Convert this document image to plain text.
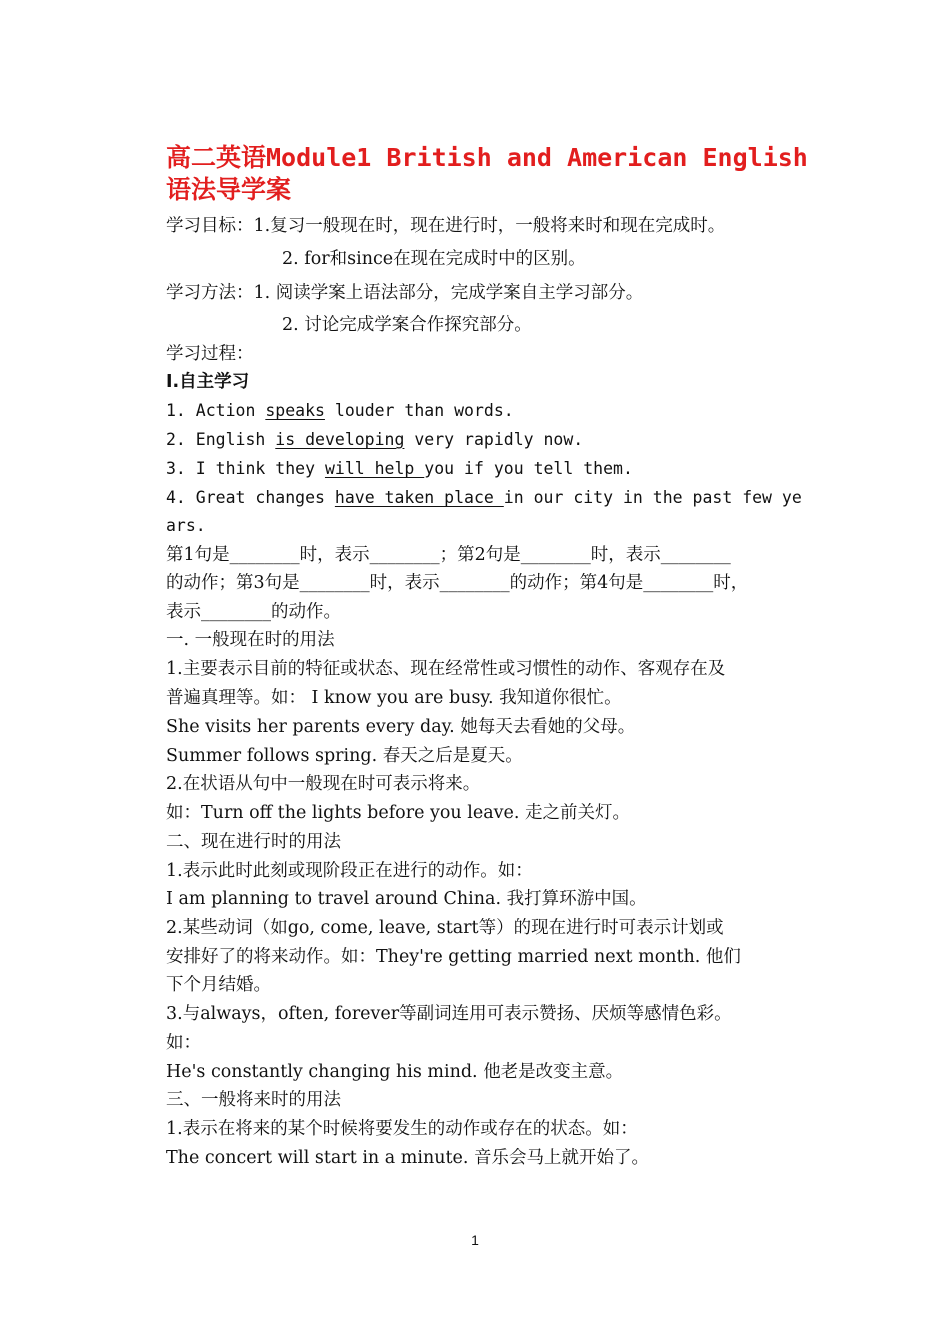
高二英语Module1 British and American English
语法导学案
学习目标：1.复习一般现在时，现在进行时，一般将来时和现在完成时。
2. for和since在现在完成时中的区别。
学习方法：1. 阅读学案上语法部分，完成学案自主学习部分。
2. 讨论完成学案合作探究部分。
学习过程：
Ⅰ.自主学习
1. Action speaks louder than words.
2. English is developing very rapidly now.
3. I think they will help you if you tell them.
4. Great changes have taken place in our city in the past few ye
ars.
第1句是________时，表示________；第2句是________时，表示________
的动作；第3句是________时，表示________的动作；第4句是________时，
表示________的动作。
一. 一般现在时的用法
1.主要表示目前的特征或状态、现在经常性或习惯性的动作、客观存在及
普遍真理等。如： I know you are busy. 我知道你很忙。
She visits her parents every day. 她每天去看她的父母。
Summer follows spring. 春天之后是夏天。
2.在状语从句中一般现在时可表示将来。
如：Turn off the lights before you leave. 走之前关灯。
二、现在进行时的用法
1.表示此时此刻或现阶段正在进行的动作。如：
I am planning to travel around China. 我打算环游中国。
2.某些动词（如go, come, leave, start等）的现在进行时可表示计划或
安排好了的将来动作。如：They're getting married next month. 他们
下个月结婚。
3.与always，often, forever等副词连用可表示赞扬、厌烦等感情色彩。
如：
He's constantly changing his mind. 他老是改变主意。
三、一般将来时的用法
1.表示在将来的某个时候将要发生的动作或存在的状态。如：
The concert will start in a minute. 音乐会马上就开始了。
1
